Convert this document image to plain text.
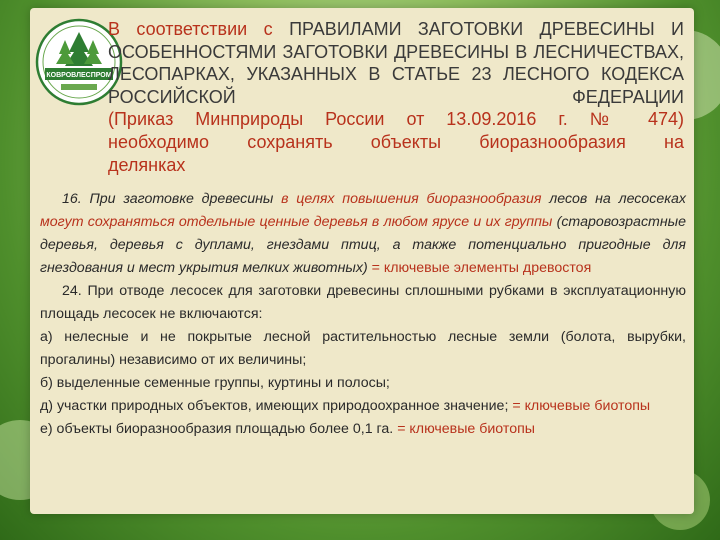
КОВРОВЛЕСПРОМ
В соответствии с ПРАВИЛАМИ ЗАГОТОВКИ ДРЕВЕСИНЫ И
ОСОБЕННОСТЯМИ ЗАГОТОВКИ ДРЕВЕСИНЫ В ЛЕСНИЧЕСТВАХ,
ЛЕСОПАРКАХ, УКАЗАННЫХ В СТАТЬЕ 23 ЛЕСНОГО КОДЕКСА
РОССИЙСКОЙ ФЕДЕРАЦИИ
(Приказ Минприроды России от 13.09.2016 г. № 474)
необходимо сохранять объекты биоразнообразия на
делянках

16. При заготовке древесины в целях повышения биоразнообразия лесов на лесосеках могут сохраняться отдельные ценные деревья в любом ярусе и их группы (старовозрастные деревья, деревья с дуплами, гнездами птиц, а также потенциально пригодные для гнездования и мест укрытия мелких животных) = ключевые элементы древостоя

24. При отводе лесосек для заготовки древесины сплошными рубками в эксплуатационную площадь лесосек не включаются:

а) нелесные и не покрытые лесной растительностью лесные земли (болота, вырубки, прогалины) независимо от их величины;

б) выделенные семенные группы, куртины и полосы;

д) участки природных объектов, имеющих природоохранное значение; = ключевые биотопы

е) объекты биоразнообразия площадью более 0,1 га. = ключевые биотопы
